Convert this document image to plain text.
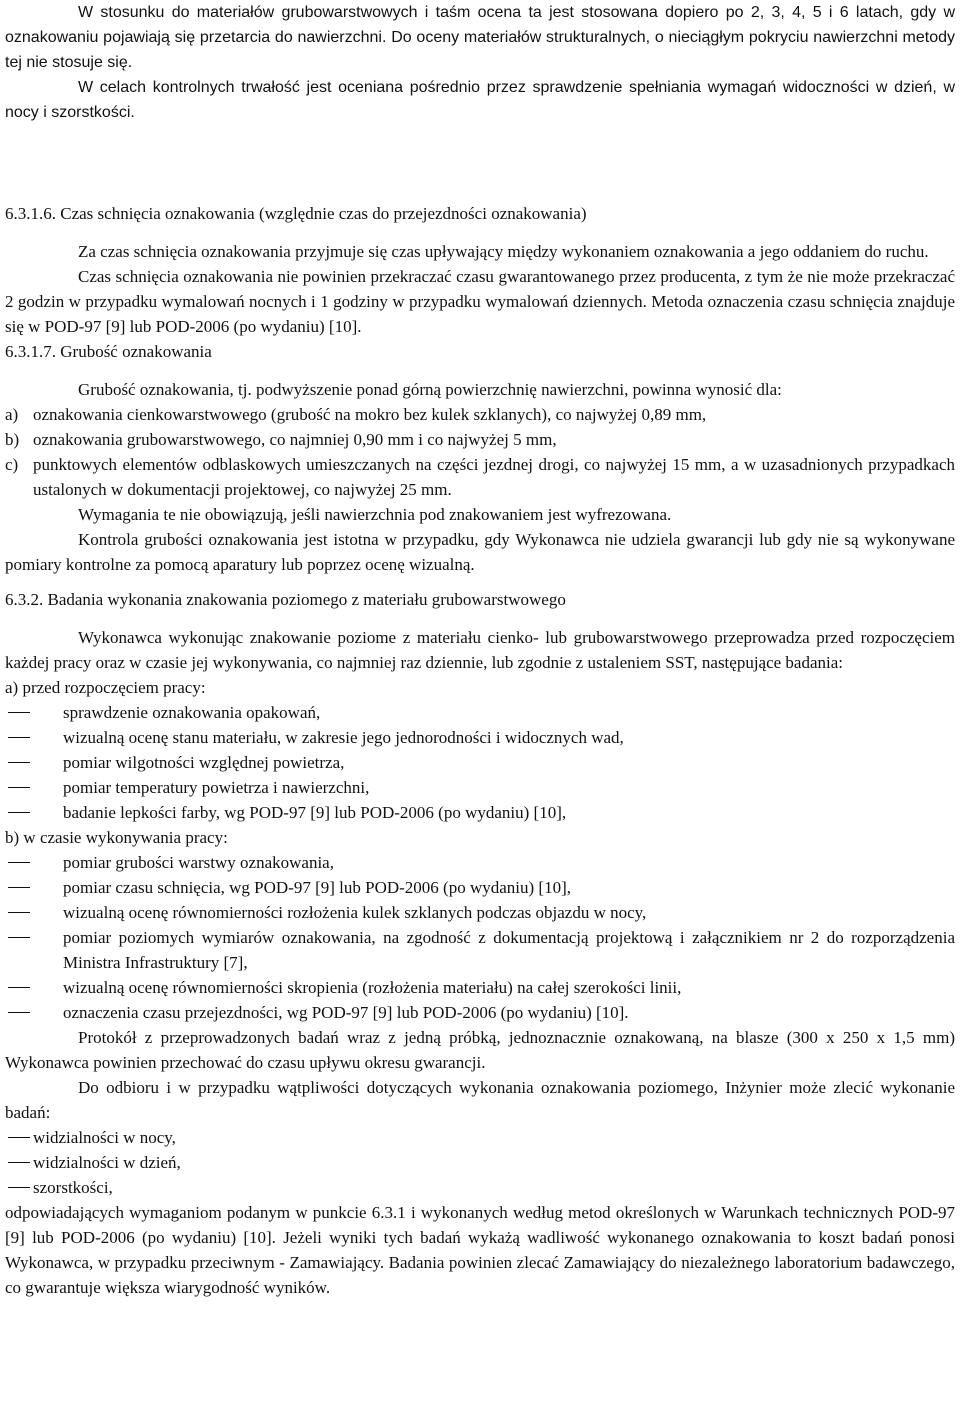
W stosunku do materiałów grubowarstwowych i taśm ocena ta jest stosowana dopiero po 2, 3, 4, 5 i 6 latach, gdy w oznakowaniu pojawiają się przetarcia do nawierzchni. Do oceny materiałów strukturalnych, o nieciągłym pokryciu nawierzchni metody tej nie stosuje się.

W celach kontrolnych trwałość jest oceniana pośrednio przez sprawdzenie spełniania wymagań widoczności w dzień, w nocy i szorstkości.

6.3.1.6. Czas schnięcia oznakowania (względnie czas do przejezdności oznakowania)

Za czas schnięcia oznakowania przyjmuje się czas upływający między wykonaniem oznakowania a jego oddaniem do ruchu.

Czas schnięcia oznakowania nie powinien przekraczać czasu gwarantowanego przez producenta, z tym że nie może przekraczać 2 godzin w przypadku wymalowań nocnych i 1 godziny w przypadku wymalowań dziennych. Metoda oznaczenia czasu schnięcia znajduje się w POD-97 [9] lub POD-2006 (po wydaniu) [10].

6.3.1.7. Grubość oznakowania

Grubość oznakowania, tj. podwyższenie ponad górną powierzchnię nawierzchni, powinna wynosić dla:

a) oznakowania cienkowarstwowego (grubość na mokro bez kulek szklanych), co najwyżej 0,89 mm,
b) oznakowania grubowarstwowego, co najmniej 0,90 mm i co najwyżej 5 mm,
c) punktowych elementów odblaskowych umieszczanych na części jezdnej drogi, co najwyżej 15 mm, a w uzasadnionych przypadkach ustalonych w dokumentacji projektowej, co najwyżej 25 mm.

Wymagania te nie obowiązują, jeśli nawierzchnia pod znakowaniem jest wyfrezowana.

Kontrola grubości oznakowania jest istotna w przypadku, gdy Wykonawca nie udziela gwarancji lub gdy nie są wykonywane pomiary kontrolne za pomocą aparatury lub poprzez ocenę wizualną.

6.3.2. Badania wykonania znakowania poziomego z materiału grubowarstwowego

Wykonawca wykonując znakowanie poziome z materiału cienko- lub grubowarstwowego przeprowadza przed rozpoczęciem każdej pracy oraz w czasie jej wykonywania, co najmniej raz dziennie, lub zgodnie z ustaleniem SST, następujące badania:

a) przed rozpoczęciem pracy:

sprawdzenie oznakowania opakowań,
wizualną ocenę stanu materiału, w zakresie jego jednorodności i widocznych wad,
pomiar wilgotności względnej powietrza,
pomiar temperatury powietrza i nawierzchni,
badanie lepkości farby, wg POD-97 [9] lub POD-2006 (po wydaniu) [10],

b) w czasie wykonywania pracy:

pomiar grubości warstwy oznakowania,
pomiar czasu schnięcia, wg POD-97 [9] lub POD-2006 (po wydaniu) [10],
wizualną ocenę równomierności rozłożenia kulek szklanych podczas objazdu w nocy,
pomiar poziomych wymiarów oznakowania, na zgodność z dokumentacją projektową i załącznikiem nr 2 do rozporządzenia Ministra Infrastruktury [7],
wizualną ocenę równomierności skropienia (rozłożenia materiału) na całej szerokości linii,
oznaczenia czasu przejezdności, wg POD-97 [9] lub POD-2006 (po wydaniu) [10].

Protokół z przeprowadzonych badań wraz z jedną próbką, jednoznacznie oznakowaną, na blasze (300 x 250 x 1,5 mm) Wykonawca powinien przechować do czasu upływu okresu gwarancji.

Do odbioru i w przypadku wątpliwości dotyczących wykonania oznakowania poziomego, Inżynier może zlecić wykonanie badań:

widzialności w nocy,
widzialności w dzień,
szorstkości,

odpowiadających wymaganiom podanym w punkcie 6.3.1 i wykonanych według metod określonych w Warunkach technicznych POD-97 [9] lub POD-2006 (po wydaniu) [10]. Jeżeli wyniki tych badań wykażą wadliwość wykonanego oznakowania to koszt badań ponosi Wykonawca, w przypadku przeciwnym - Zamawiający. Badania powinien zlecać Zamawiający do niezależnego laboratorium badawczego, co gwarantuje większa wiarygodność wyników.
